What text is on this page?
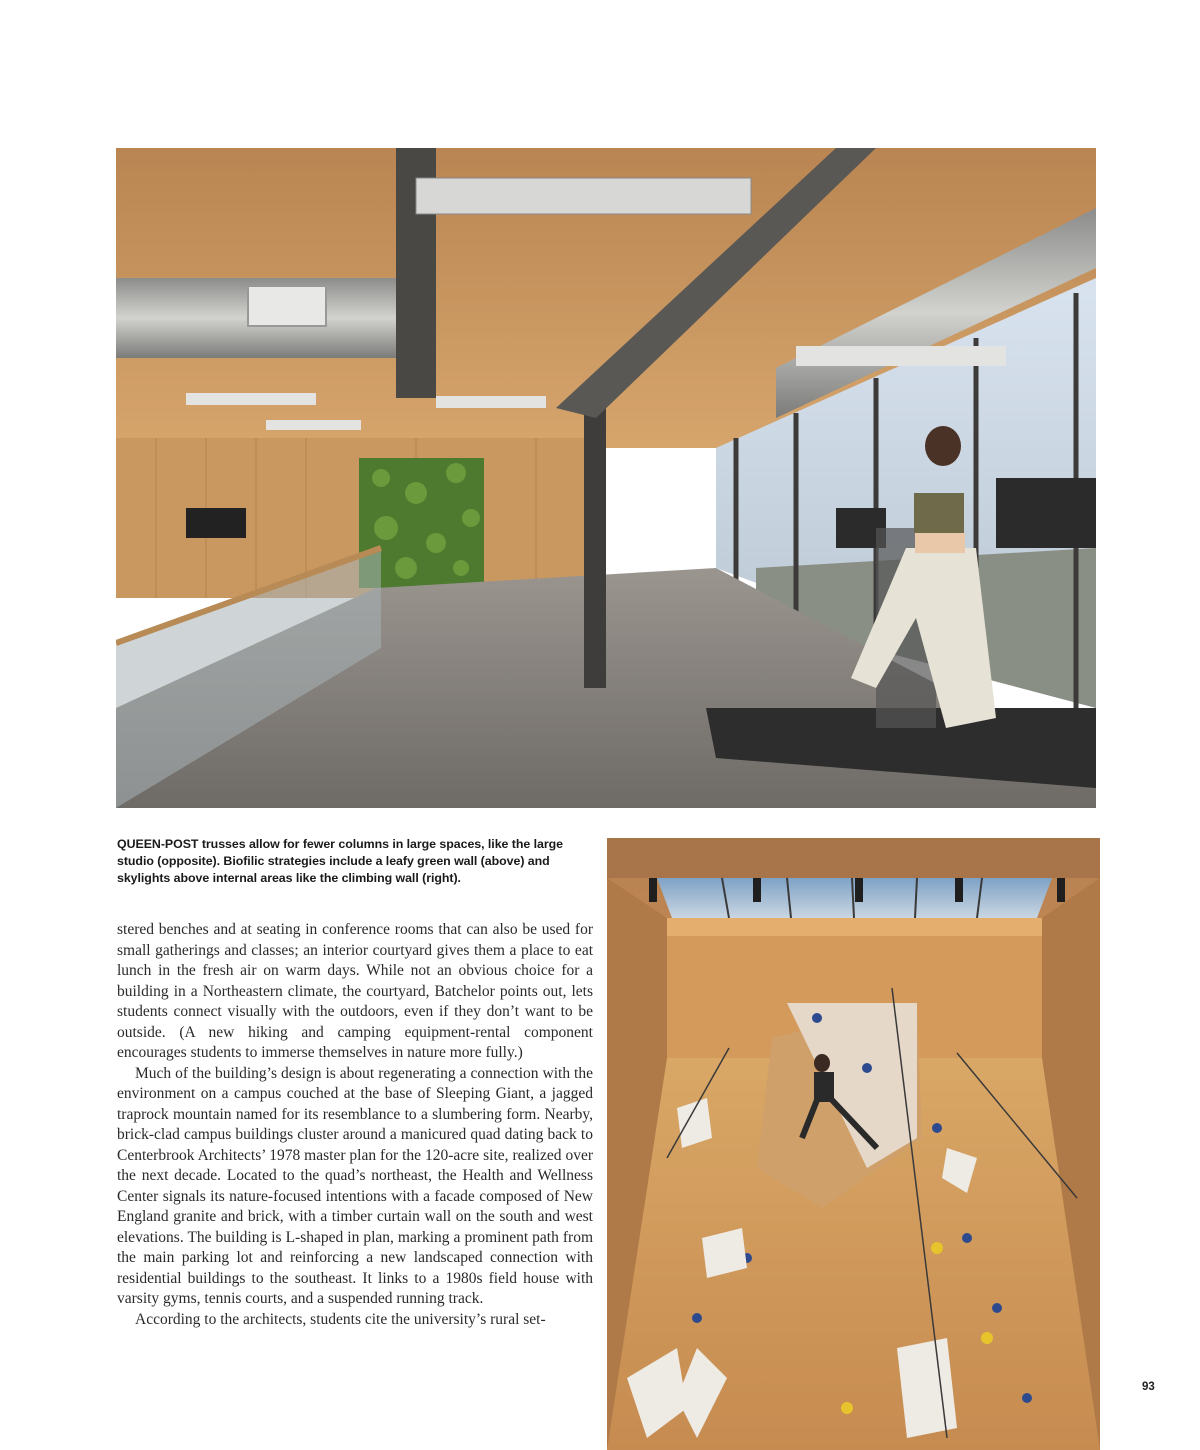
QUEEN-POST trusses allow for fewer columns in large spaces, like the large studio (opposite). Biofilic strategies include a leafy green wall (above) and skylights above internal areas like the climbing wall (right).

stered benches and at seating in conference rooms that can also be used for small gatherings and classes; an interior courtyard gives them a place to eat lunch in the fresh air on warm days. While not an obvious choice for a building in a Northeastern climate, the courtyard, Batchelor points out, lets students connect visually with the outdoors, even if they don’t want to be outside. (A new hiking and camping equipment-rental component encourages students to immerse themselves in nature more fully.)

Much of the building’s design is about regenerating a connection with the environment on a campus couched at the base of Sleeping Giant, a jagged traprock mountain named for its resemblance to a slumbering form. Nearby, brick-clad campus buildings cluster around a manicured quad dating back to Centerbrook Architects’ 1978 master plan for the 120-acre site, realized over the next decade. Located to the quad’s northeast, the Health and Wellness Center signals its nature-focused intentions with a facade composed of New England granite and brick, with a timber curtain wall on the south and west elevations. The building is L-shaped in plan, marking a prominent path from the main parking lot and reinforcing a new landscaped connection with residential buildings to the southeast. It links to a 1980s field house with varsity gyms, tennis courts, and a suspended running track.

According to the architects, students cite the university’s rural set-

93
